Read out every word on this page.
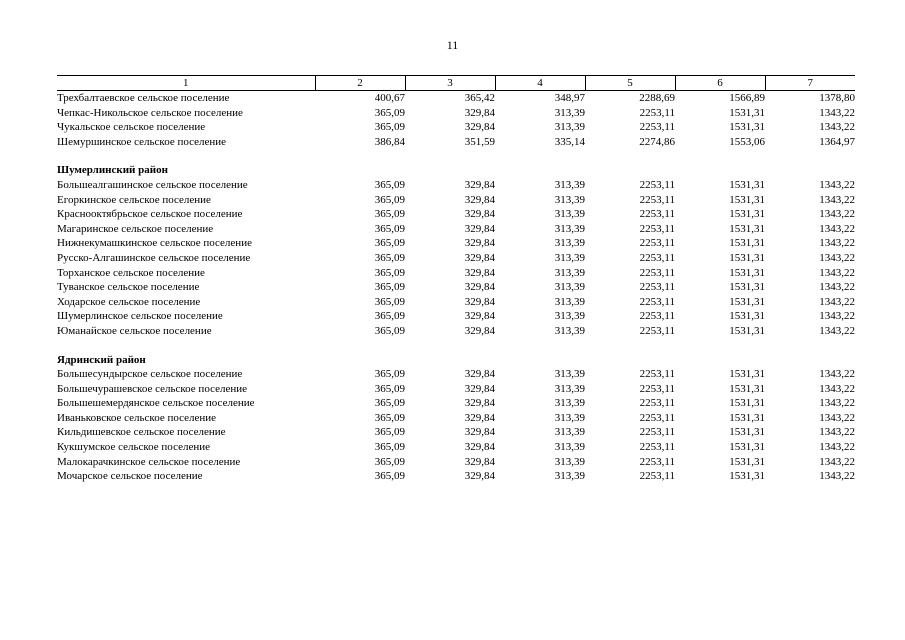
11
1	2	3	4	5	6	7
Трехбалтаевское сельское поселение	400,67	365,42	348,97	2288,69	1566,89	1378,80
Чепкас-Никольское сельское поселение	365,09	329,84	313,39	2253,11	1531,31	1343,22
Чукальское сельское поселение	365,09	329,84	313,39	2253,11	1531,31	1343,22
Шемуршинское сельское поселение	386,84	351,59	335,14	2274,86	1553,06	1364,97
Шумерлинский район						
Большеалгашинское сельское поселение	365,09	329,84	313,39	2253,11	1531,31	1343,22
Егоркинское сельское поселение	365,09	329,84	313,39	2253,11	1531,31	1343,22
Краснооктябрьское сельское поселение	365,09	329,84	313,39	2253,11	1531,31	1343,22
Магаринское сельское поселение	365,09	329,84	313,39	2253,11	1531,31	1343,22
Нижнекумашкинское сельское поселение	365,09	329,84	313,39	2253,11	1531,31	1343,22
Русско-Алгашинское сельское поселение	365,09	329,84	313,39	2253,11	1531,31	1343,22
Торханское сельское поселение	365,09	329,84	313,39	2253,11	1531,31	1343,22
Туванское сельское поселение	365,09	329,84	313,39	2253,11	1531,31	1343,22
Ходарское сельское поселение	365,09	329,84	313,39	2253,11	1531,31	1343,22
Шумерлинское сельское поселение	365,09	329,84	313,39	2253,11	1531,31	1343,22
Юманайское сельское поселение	365,09	329,84	313,39	2253,11	1531,31	1343,22
Ядринский район						
Большесундырское сельское поселение	365,09	329,84	313,39	2253,11	1531,31	1343,22
Большечурашевское сельское поселение	365,09	329,84	313,39	2253,11	1531,31	1343,22
Большешемердянское сельское поселение	365,09	329,84	313,39	2253,11	1531,31	1343,22
Иваньковское сельское поселение	365,09	329,84	313,39	2253,11	1531,31	1343,22
Кильдишевское сельское поселение	365,09	329,84	313,39	2253,11	1531,31	1343,22
Кукшумское сельское поселение	365,09	329,84	313,39	2253,11	1531,31	1343,22
Малокарачкинское сельское поселение	365,09	329,84	313,39	2253,11	1531,31	1343,22
Мочарское сельское поселение	365,09	329,84	313,39	2253,11	1531,31	1343,22
